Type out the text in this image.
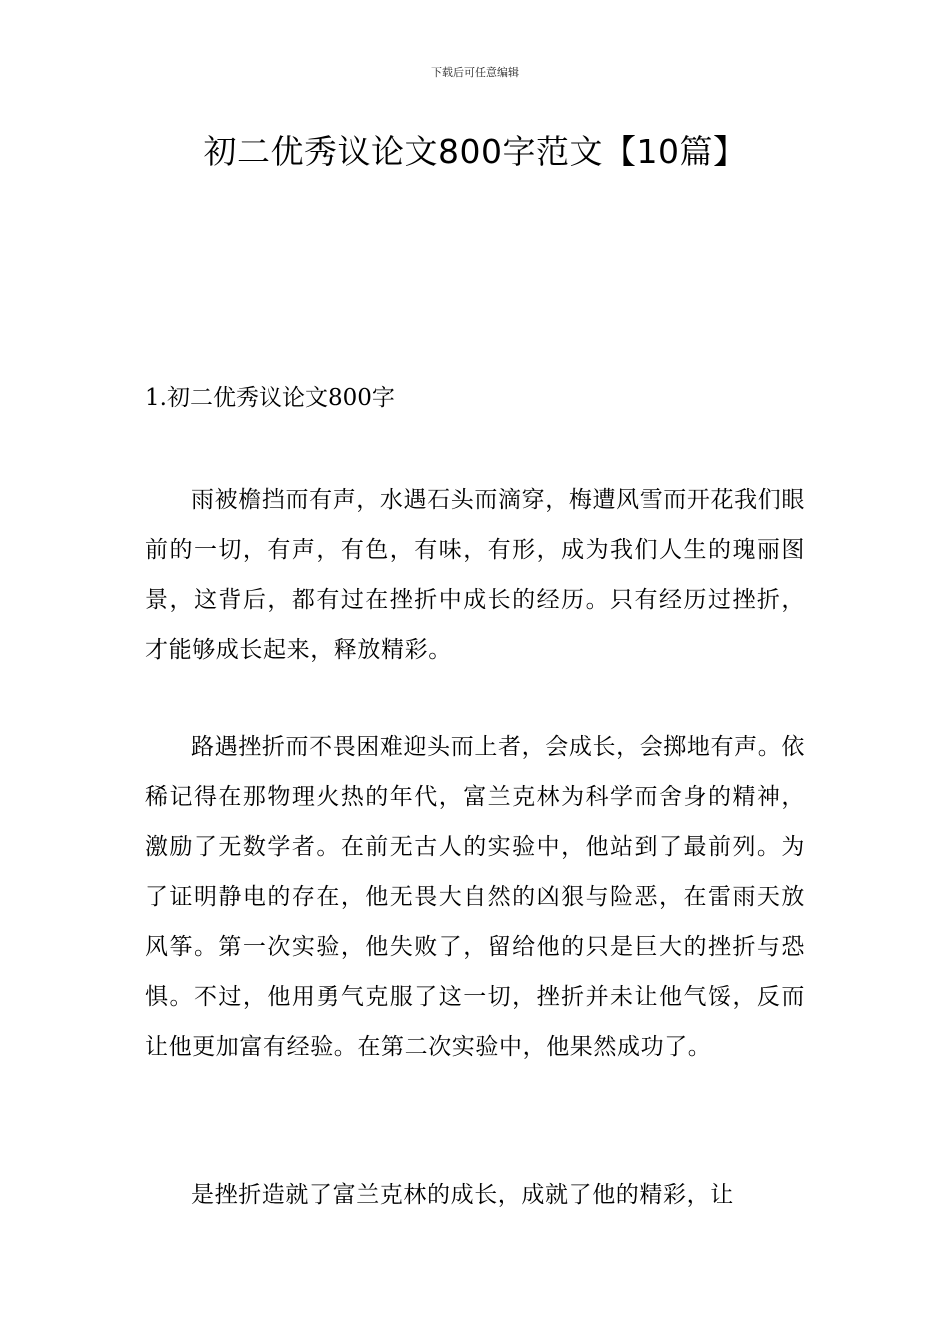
下载后可任意编辑
初二优秀议论文800字范文【10篇】
1.初二优秀议论文800字

雨被檐挡而有声，水遇石头而滴穿，梅遭风雪而开花我们眼前的一切，有声，有色，有味，有形，成为我们人生的瑰丽图景，这背后，都有过在挫折中成长的经历。只有经历过挫折，才能够成长起来，释放精彩。

路遇挫折而不畏困难迎头而上者，会成长，会掷地有声。依稀记得在那物理火热的年代，富兰克林为科学而舍身的精神，激励了无数学者。在前无古人的实验中，他站到了最前列。为了证明静电的存在，他无畏大自然的凶狠与险恶，在雷雨天放风筝。第一次实验，他失败了，留给他的只是巨大的挫折与恐惧。不过，他用勇气克服了这一切，挫折并未让他气馁，反而让他更加富有经验。在第二次实验中，他果然成功了。

是挫折造就了富兰克林的成长，成就了他的精彩，让
